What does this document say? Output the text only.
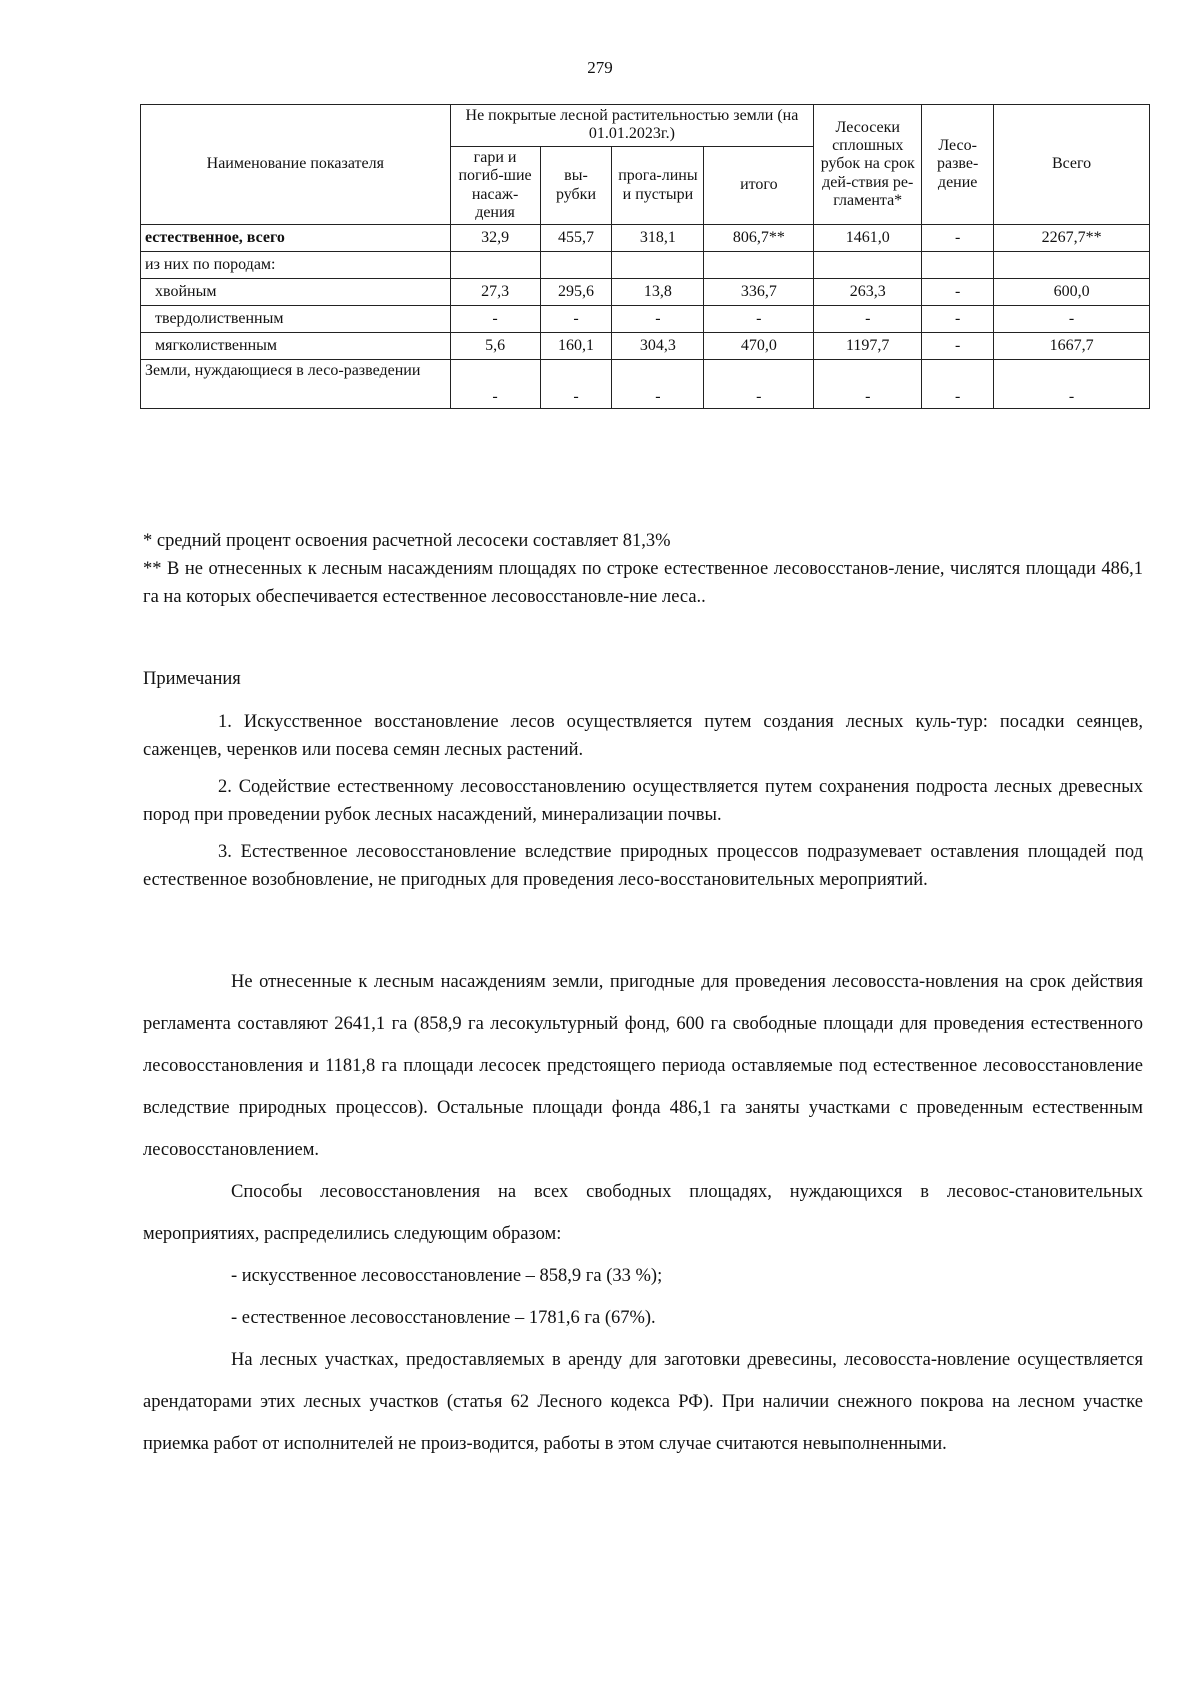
279
Наименование показателя	Не покрытые лесной растительностью земли (на 01.01.2023г.)				Лесосеки сплошных рубок на срок дей-ствия ре-гламента*	Лесо-разве-дение	Всего
	гари и погиб-шие насаж-дения	вы-рубки	прога-лины и пустыри	итого			
естественное, всего	32,9	455,7	318,1	806,7**	1461,0	-	2267,7**
из них по породам:							
хвойным	27,3	295,6	13,8	336,7	263,3	-	600,0
твердолиственным	-	-	-	-	-	-	-
мягколиственным	5,6	160,1	304,3	470,0	1197,7	-	1667,7
Земли, нуждающиеся в лесо-разведении	-	-	-	-	-	-	-

* средний процент освоения расчетной лесосеки составляет 81,3%

** В не отнесенных к лесным насаждениям площадях по строке естественное лесовосстанов-ление, числятся площади 486,1 га на которых обеспечивается естественное лесовосстановле-ние леса..

Примечания

1. Искусственное восстановление лесов осуществляется путем создания лесных куль-тур: посадки сеянцев, саженцев, черенков или посева семян лесных растений.

2. Содействие естественному лесовосстановлению осуществляется путем сохранения подроста лесных древесных пород при проведении рубок лесных насаждений, минерализации почвы.

3. Естественное лесовосстановление вследствие природных процессов подразумевает оставления площадей под естественное возобновление, не пригодных для проведения лесо-восстановительных мероприятий.

Не отнесенные к лесным насаждениям земли, пригодные для проведения лесовосста-новления на срок действия регламента составляют 2641,1 га (858,9 га лесокультурный фонд, 600 га свободные площади для проведения естественного лесовосстановления и 1181,8 га площади лесосек предстоящего периода оставляемые под естественное лесовосстановление вследствие природных процессов). Остальные площади фонда 486,1 га заняты участками с проведенным естественным лесовосстановлением.

Способы лесовосстановления на всех свободных площадях, нуждающихся в лесовос-становительных мероприятиях, распределились следующим образом:

- искусственное лесовосстановление – 858,9 га (33 %);

- естественное лесовосстановление – 1781,6 га (67%).

На лесных участках, предоставляемых в аренду для заготовки древесины, лесовосста-новление осуществляется арендаторами этих лесных участков (статья 62 Лесного кодекса РФ). При наличии снежного покрова на лесном участке приемка работ от исполнителей не произ-водится, работы в этом случае считаются невыполненными.
